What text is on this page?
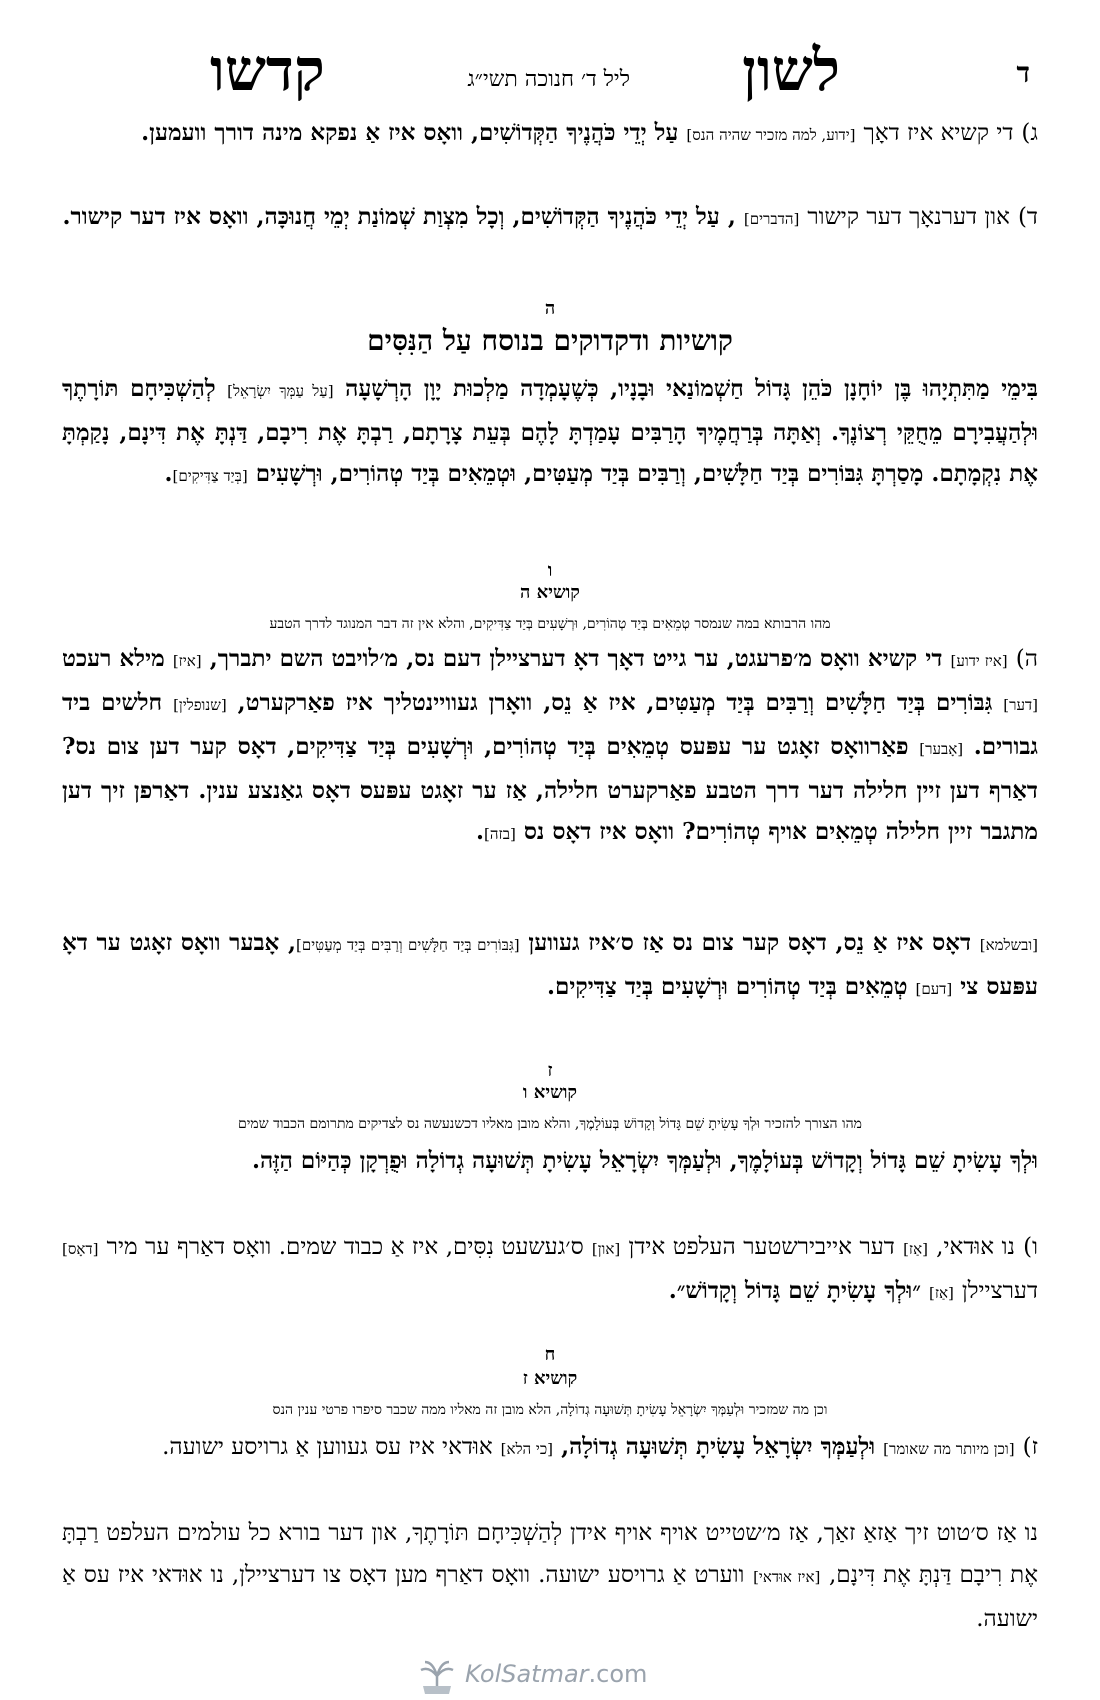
ד
לשון
ליל ד׳ חנוכה תשי״ג
קדשו
ג) די קשיא איז דאָך [ידוע, למה מזכיר שהיה הנס] עַל יְדֵי כֹּהֲנֶיךָ הַקְּדוֹשִׁים, וואָס איז אַ נפקא מינה דורך ווע‏מען.
ד) און דערנאָך דער קישור [הדברים] , עַל יְדֵי כֹּהֲנֶיךָ הַקְּדוֹשִׁים, וְכָל מִצְוַת שְׁמוֹנַת יְמֵי חֲנוּכָּה, וואָס איז דער קישור.
ה
קושיות ודקדוקים בנוסח עַל הַנִּסִּים
בִּימֵי מַתִּתְיָהוּ בֶּן יוֹחָנָן כֹּהֵן גָּדוֹל חַשְׁמוֹנַאי וּבָנָיו, כְּשֶׁעָמְדָה מַלְכוּת יָוָן הָרְשָׁעָה [עַל עַמְּךָ יִשְׂרָאֵל] לְהַשְׁכִּיחָם תּוֹרָתֶךָ וּלְהַעֲבִירָם מֵחֻקֵּי רְצוֹנֶךָ. וְאַתָּה בְּרַחֲמֶיךָ הָרַבִּים עָמַדְתָּ לָהֶם בְּעֵת צָרָתָם, רַבְתָּ אֶת רִיבָם, דַּנְתָּ אֶת דִּינָם, נָקַמְתָּ אֶת נִקְמָתָם. מָסַרְתָּ גִּבּוֹרִים בְּיַד חַלָּשִׁים, וְרַבִּים בְּיַד מְעַטִּים, וּטְמֵאִים בְּיַד טְהוֹרִים, וּרְשָׁעִים [בְּיַד צַדִּיקִים].
ו
קושיא ה
מהו הרבותא במה שנמסר טְמֵאִים בְּיַד טְהוֹרִים, וּרְשָׁעִים בְּיַד צַדִּיקִים, והלא אין זה דבר המנוגד לדרך הטבע
ה) [איז ידוע] די קשיא וואָס מ׳פרעגט, ער גייט דאָך דאָ דערציילן דעם נס, מ׳לויבט השם יתברך, [איז] מילא רעכט [דער] גִּבּוֹרִים בְּיַד חַלָּשִׁים וְרַבִּים בְּיַד מְעַטִּים, איז אַ נֵס, וואָרן געוויינטליך איז פאַרקערט, [שנופלין] חלשים ביד גבורים. [אָבער] פאַרוואָס זאָגט ער עפּעס טְמֵאִים בְּיַד טְהוֹרִים, וּרְשָׁעִים בְּיַד צַדִּיקִים, דאָס קער דען צום נס? דאַרף דען זיין חלילה דער דרך הטבע פאַרקערט חלילה, אַז ער זאָגט עפּעס דאָס גאַנצע ענין. דאַרפן זיך דען מתגבר זיין חלילה טְמֵאִים אויף טְהוֹרִים? וואָס איז דאָס נס [בזה].
[ובשלמא] דאָס איז אַ נֵס, דאָס קער צום נס אַז ס׳איז געווען [גִּבּוֹרִים בְּיַד חַלָּשִׁים וְרַבִּים בְּיַד מְעַטִּים], אָבער וואָס זאָגט ער דאָ עפּעס צי [דעם] טְמֵאִים בְּיַד טְהוֹרִים וּרְשָׁעִים בְּיַד צַדִּיקִים.
ז
קושיא ו
מהו הצורך להזכיר וּלְךָ עָשִׂיתָ שֵׁם גָּדוֹל וְקָדוֹשׁ בְּעוֹלָמֶךָ, והלא מובן מאליו דכשנעשה נס לצדיקים מתרומם הכבוד שמים
וּלְךָ עָשִׂיתָ שֵׁם גָּדוֹל וְקָדוֹשׁ בְּעוֹלָמֶךָ, וּלְעַמְּךָ יִשְׂרָאֵל עָשִׂיתָ תְּשׁוּעָה גְדוֹלָה וּפֻרְקָן כְּהַיּוֹם הַזֶּה.
ו) נו אוּדאי, [אַז] דער אייבירשטער העלפט אידן [און] ס׳געשעט נִסִּים, איז אַ כבוד שמים. וואָס דאַרף ער מיר [דאָס] דערציילן [אַז] ״וּלְךָ עָשִׂיתָ שֵׁם גָּדוֹל וְקָדוֹשׁ״.
ח
קושיא ז
וכן מה שמזכיר וּלְעַמְּךָ יִשְׂרָאֵל עָשִׂיתָ תְּשׁוּעָה גְדוֹלָה, הלא מובן זה מאליו ממה שכבר סיפרו פרטי ענין הנס
ז) [וכן מיותר מה שאומר] וּלְעַמְּךָ יִשְׂרָאֵל עָשִׂיתָ תְּשׁוּעָה גְדוֹלָה, [כי הלא] אוּדאי איז עס געווען אַ גרויסע ישועה.
נו אַז ס׳טוט זיך אַזאַ זאַך, אַז מ׳שטייט אויף אויף אידן לְהַשְׁכִּיחָם תּוֹרָתֶךָ, און דער בורא כל עולמים העלפט רַבְתָּ אֶת רִיבָם דַּנְתָּ אֶת דִּינָם, [איז אוּדאי] ווערט אַ גרויסע ישועה. וואָס דאַרף מען דאָס צו דערציילן, נו אוּדאי איז עס אַ ישועה.
KolSatmar.com
